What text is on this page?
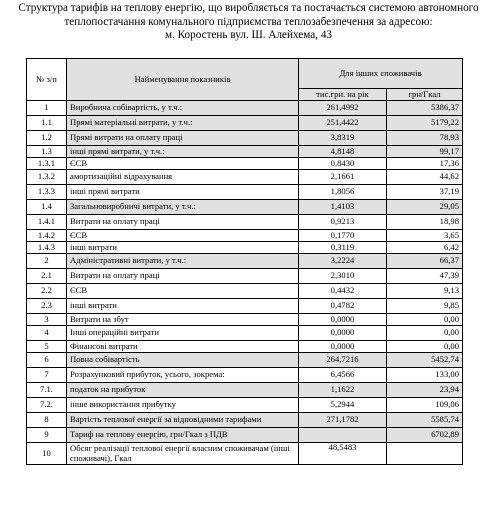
Структура тарифів на теплову енергію, що виробляється та постачається системою автономного
теплопостачання комунального підприємства теплозабезпечення за адресою:
м. Коростень вул. Ш. Алейхема, 43
№ з/п	Найменування показників	Для інших споживачів	
		тис.грн. на рік	грн/Гкал
1	Виробнича собівартість, у т.ч.:	261,4992	5386,37
1.1	Прямі матеріальні витрати, у т.ч.:	251,4422	5179,22
1.2	Прямі витрати на оплату праці	3,8319	78,93
1.3	інші прямі витрати, у т.ч.:	4,8148	99,17
1.3.1	ЄСВ	0,8430	17,36
1.3.2	амортизаційні відрахування	2,1661	44,62
1.3.3	інші прямі витрати	1,8056	37,19
1.4	Загальновиробничі витрати, у т.ч.:	1,4103	29,05
1.4.1	Витрати на оплату праці	0,9213	18,98
1.4.2	ЄСВ	0,1770	3,65
1.4.3	інші витрати	0,3119	6,42
2	Адміністративні витрати, у т.ч.:	3,2224	66,37
2.1	Витрати на оплату праці	2,3010	47,39
2.2	ЄСВ	0,4432	9,13
2.3	інші витрати	0,4782	9,85
3	Витрати на збут	0,0000	0,00
4	Інші операційні витрати	0,0000	0,00
5	Фінансові витрати	0,0000	0,00
6	Повна собівартість	264,7216	5452,74
7	Розрахунковий прибуток, усього, зокрема:	6,4566	133,00
7.1.	податок на прибуток	1,1622	23,94
7.2.	інше використання прибутку	5,2944	109,06
8	Вартість теплової енергії за відповідними тарифами	271,1782	5585,74
9	Тариф на теплову енергію, грн/Гкал з ПДВ		6702,89
10	Обсяг реалізації теплової енергії власним споживачам (інші споживачі), Гкал	48,5483	
